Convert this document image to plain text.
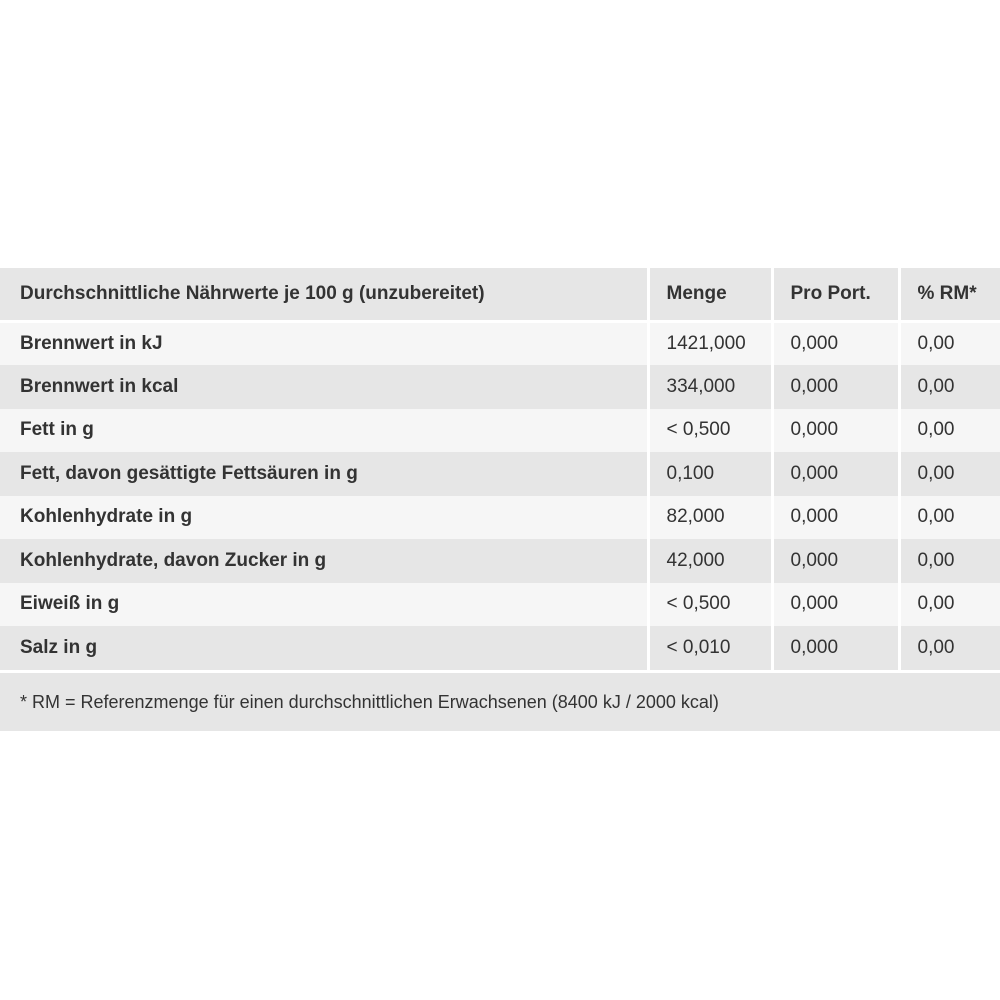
Durchschnittliche Nährwerte je 100 g (unzubereitet)	Menge	Pro Port.	% RM*
Brennwert in kJ	1421,000	0,000	0,00
Brennwert in kcal	334,000	0,000	0,00
Fett in g	< 0,500	0,000	0,00
Fett, davon gesättigte Fettsäuren in g	0,100	0,000	0,00
Kohlenhydrate in g	82,000	0,000	0,00
Kohlenhydrate, davon Zucker in g	42,000	0,000	0,00
Eiweiß in g	< 0,500	0,000	0,00
Salz in g	< 0,010	0,000	0,00
* RM = Referenzmenge für einen durchschnittlichen Erwachsenen (8400 kJ / 2000 kcal)
